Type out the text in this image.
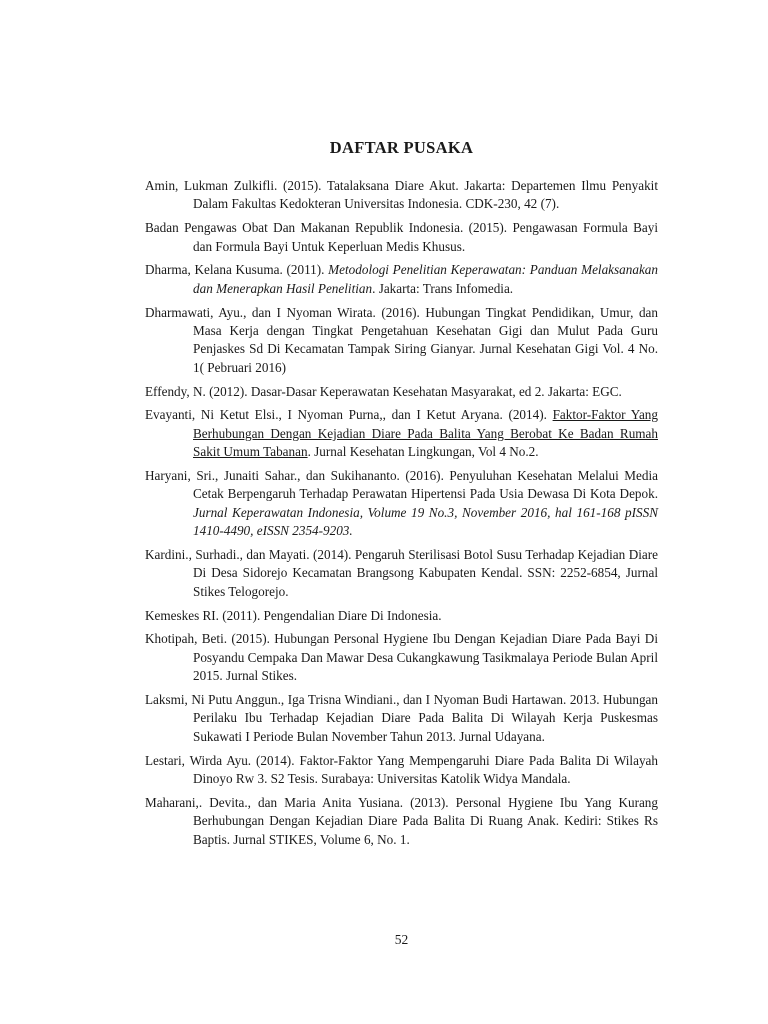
DAFTAR PUSAKA
Amin, Lukman Zulkifli. (2015). Tatalaksana Diare Akut. Jakarta: Departemen Ilmu Penyakit Dalam Fakultas Kedokteran Universitas Indonesia. CDK-230, 42 (7).
Badan Pengawas Obat Dan Makanan Republik Indonesia. (2015). Pengawasan Formula Bayi dan Formula Bayi Untuk Keperluan Medis Khusus.
Dharma, Kelana Kusuma. (2011). Metodologi Penelitian Keperawatan: Panduan Melaksanakan dan Menerapkan Hasil Penelitian. Jakarta: Trans Infomedia.
Dharmawati, Ayu., dan I Nyoman Wirata. (2016). Hubungan Tingkat Pendidikan, Umur, dan Masa Kerja dengan Tingkat Pengetahuan Kesehatan Gigi dan Mulut Pada Guru Penjaskes Sd Di Kecamatan Tampak Siring Gianyar. Jurnal Kesehatan Gigi Vol. 4 No. 1( Pebruari 2016)
Effendy, N. (2012). Dasar-Dasar Keperawatan Kesehatan Masyarakat, ed 2. Jakarta: EGC.
Evayanti, Ni Ketut Elsi., I Nyoman Purna,, dan I Ketut Aryana. (2014). Faktor-Faktor Yang Berhubungan Dengan Kejadian Diare Pada Balita Yang Berobat Ke Badan Rumah Sakit Umum Tabanan. Jurnal Kesehatan Lingkungan, Vol 4 No.2.
Haryani, Sri., Junaiti Sahar., dan Sukihananto. (2016). Penyuluhan Kesehatan Melalui Media Cetak Berpengaruh Terhadap Perawatan Hipertensi Pada Usia Dewasa Di Kota Depok. Jurnal Keperawatan Indonesia, Volume 19 No.3, November 2016, hal 161-168 pISSN 1410-4490, eISSN 2354-9203.
Kardini., Surhadi., dan Mayati. (2014). Pengaruh Sterilisasi Botol Susu Terhadap Kejadian Diare Di Desa Sidorejo Kecamatan Brangsong Kabupaten Kendal. SSN: 2252-6854, Jurnal Stikes Telogorejo.
Kemeskes RI. (2011). Pengendalian Diare Di Indonesia.
Khotipah, Beti. (2015). Hubungan Personal Hygiene Ibu Dengan Kejadian Diare Pada Bayi Di Posyandu Cempaka Dan Mawar Desa Cukangkawung Tasikmalaya Periode Bulan April 2015. Jurnal Stikes.
Laksmi, Ni Putu Anggun., Iga Trisna Windiani., dan I Nyoman Budi Hartawan. 2013. Hubungan Perilaku Ibu Terhadap Kejadian Diare Pada Balita Di Wilayah Kerja Puskesmas Sukawati I Periode Bulan November Tahun 2013. Jurnal Udayana.
Lestari, Wirda Ayu. (2014). Faktor-Faktor Yang Mempengaruhi Diare Pada Balita Di Wilayah Dinoyo Rw 3. S2 Tesis. Surabaya: Universitas Katolik Widya Mandala.
Maharani,. Devita., dan Maria Anita Yusiana. (2013). Personal Hygiene Ibu Yang Kurang Berhubungan Dengan Kejadian Diare Pada Balita Di Ruang Anak. Kediri: Stikes Rs Baptis. Jurnal STIKES, Volume 6, No. 1.
52
